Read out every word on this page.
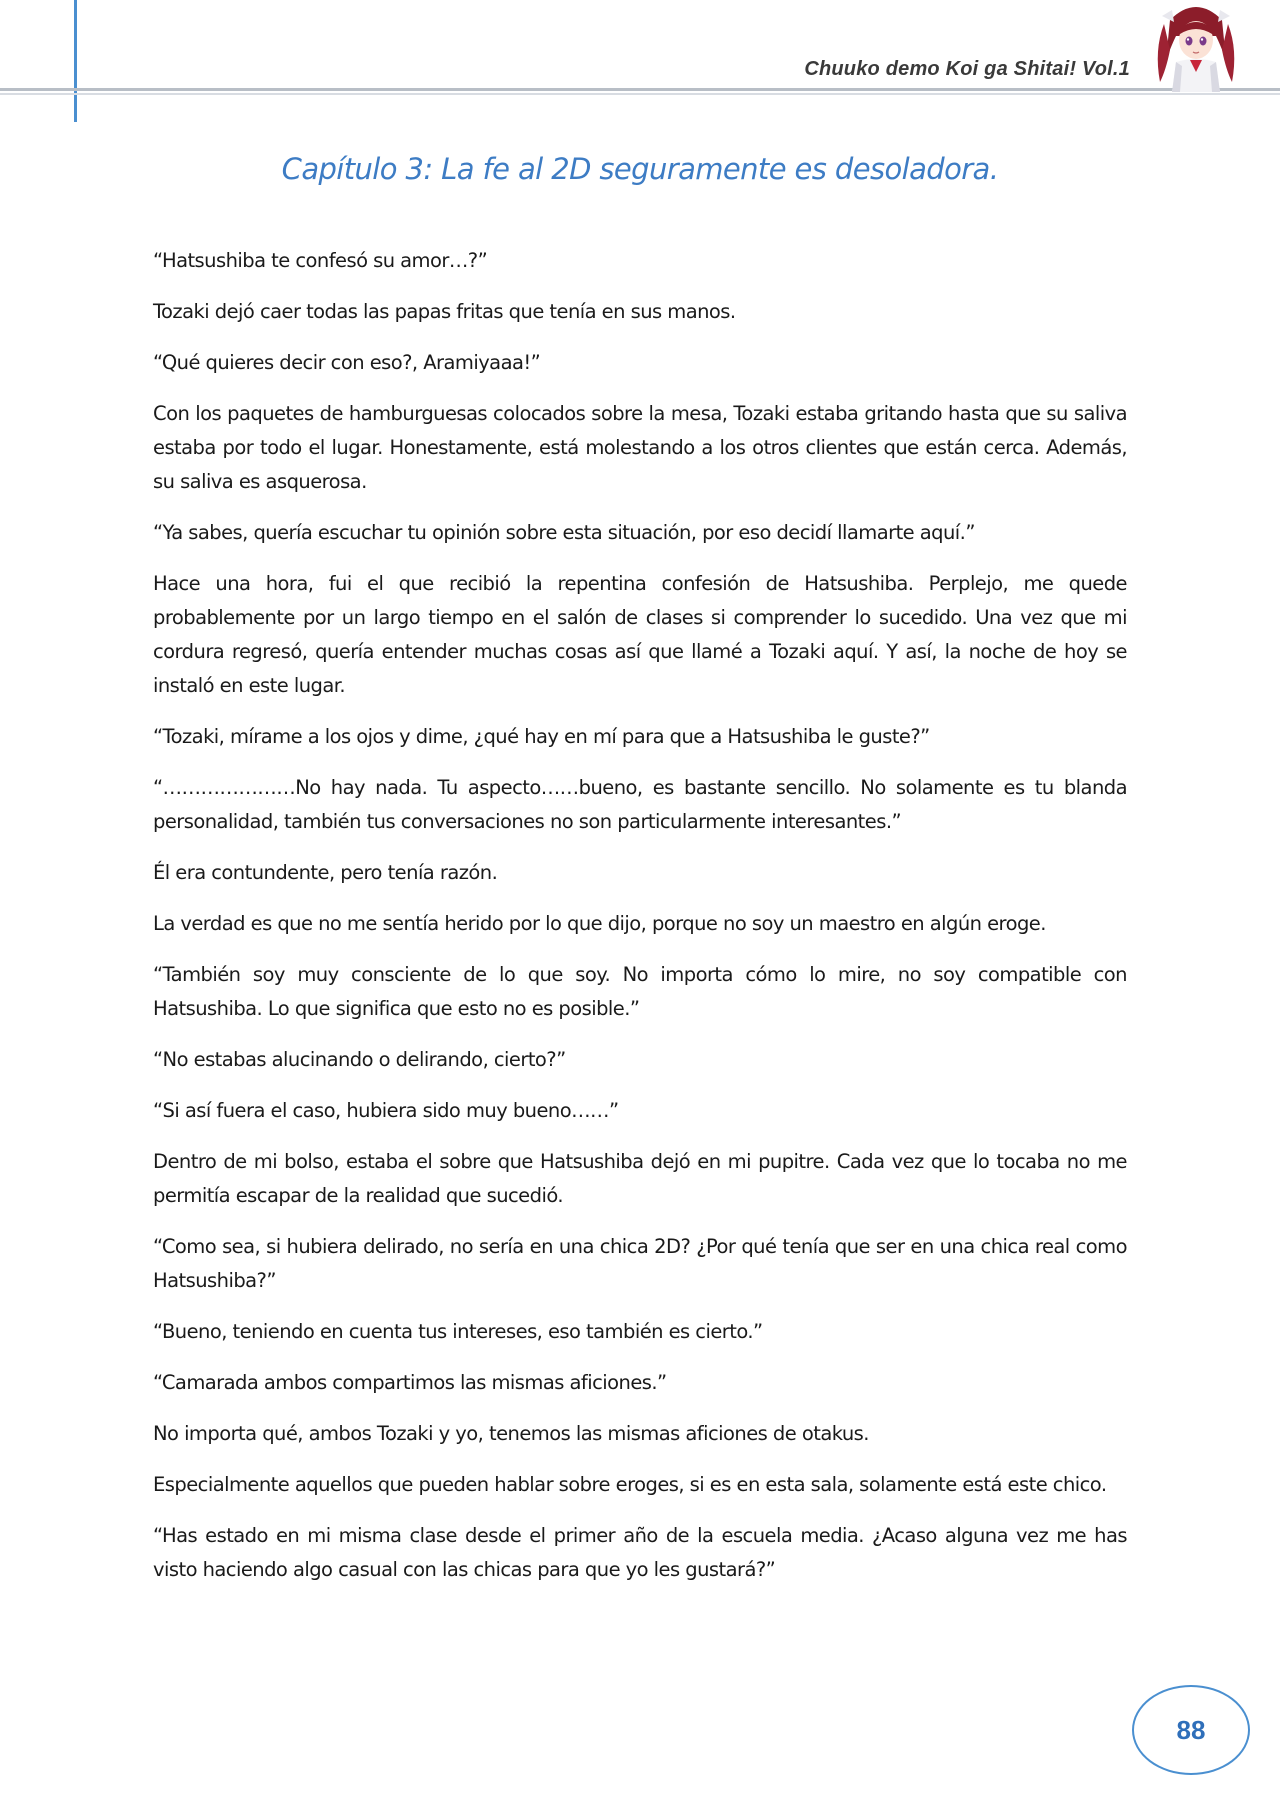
Chuuko demo Koi ga Shitai! Vol.1
Capítulo 3: La fe al 2D seguramente es desoladora.

“Hatsushiba te confesó su amor…?”

Tozaki dejó caer todas las papas fritas que tenía en sus manos.

“Qué quieres decir con eso?, Aramiyaaa!”

Con los paquetes de hamburguesas colocados sobre la mesa, Tozaki estaba gritando hasta que su saliva estaba por todo el lugar. Honestamente, está molestando a los otros clientes que están cerca. Además, su saliva es asquerosa.

“Ya sabes, quería escuchar tu opinión sobre esta situación, por eso decidí llamarte aquí.”

Hace una hora, fui el que recibió la repentina confesión de Hatsushiba. Perplejo, me quede probablemente por un largo tiempo en el salón de clases si comprender lo sucedido. Una vez que mi cordura regresó, quería entender muchas cosas así que llamé a Tozaki aquí. Y así, la noche de hoy se instaló en este lugar.

“Tozaki, mírame a los ojos y dime, ¿qué hay en mí para que a Hatsushiba le guste?”

“…………………No hay nada. Tu aspecto……bueno, es bastante sencillo. No solamente es tu blanda personalidad, también tus conversaciones no son particularmente interesantes.”

Él era contundente, pero tenía razón.

La verdad es que no me sentía herido por lo que dijo, porque no soy un maestro en algún eroge.

“También soy muy consciente de lo que soy. No importa cómo lo mire, no soy compatible con Hatsushiba. Lo que significa que esto no es posible.”

“No estabas alucinando o delirando, cierto?”

“Si así fuera el caso, hubiera sido muy bueno……”

Dentro de mi bolso, estaba el sobre que Hatsushiba dejó en mi pupitre. Cada vez que lo tocaba no me permitía escapar de la realidad que sucedió.

“Como sea, si hubiera delirado, no sería en una chica 2D? ¿Por qué tenía que ser en una chica real como Hatsushiba?”

“Bueno, teniendo en cuenta tus intereses, eso también es cierto.”

“Camarada ambos compartimos las mismas aficiones.”

No importa qué, ambos Tozaki y yo, tenemos las mismas aficiones de otakus.

Especialmente aquellos que pueden hablar sobre eroges, si es en esta sala, solamente está este chico.

“Has estado en mi misma clase desde el primer año de la escuela media. ¿Acaso alguna vez me has visto haciendo algo casual con las chicas para que yo les gustará?”

88
